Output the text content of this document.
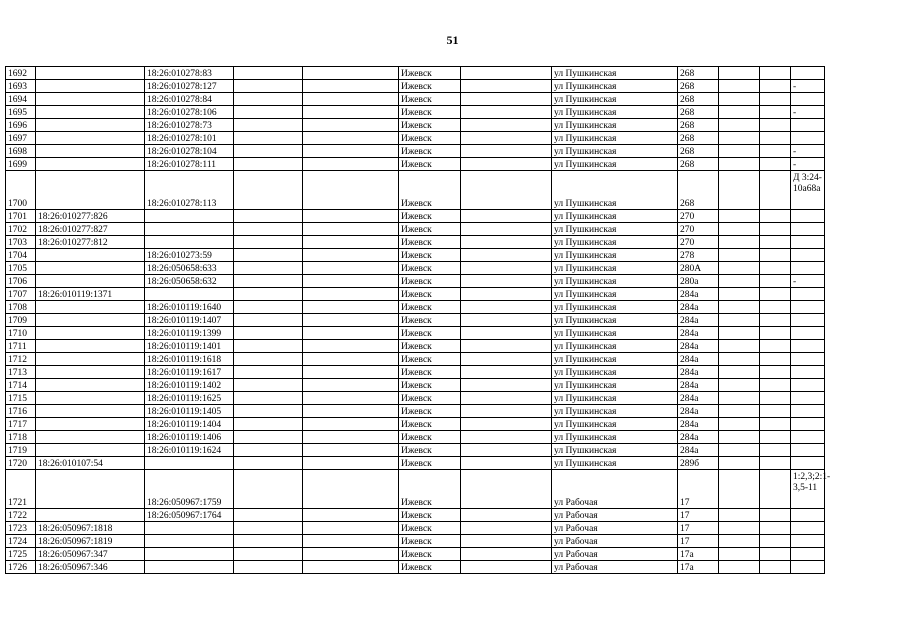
51
1692		18:26:010278:83			Ижевск		ул Пушкинская	268			
1693		18:26:010278:127			Ижевск		ул Пушкинская	268			-
1694		18:26:010278:84			Ижевск		ул Пушкинская	268			
1695		18:26:010278:106			Ижевск		ул Пушкинская	268			-
1696		18:26:010278:73			Ижевск		ул Пушкинская	268			
1697		18:26:010278:101			Ижевск		ул Пушкинская	268			
1698		18:26:010278:104			Ижевск		ул Пушкинская	268			-
1699		18:26:010278:111			Ижевск		ул Пушкинская	268			-
1700		18:26:010278:113			Ижевск		ул Пушкинская	268			Д 3:24-10а68а
1701	18:26:010277:826				Ижевск		ул Пушкинская	270			
1702	18:26:010277:827				Ижевск		ул Пушкинская	270			
1703	18:26:010277:812				Ижевск		ул Пушкинская	270			
1704		18:26:010273:59			Ижевск		ул Пушкинская	278			
1705		18:26:050658:633			Ижевск		ул Пушкинская	280А			
1706		18:26:050658:632			Ижевск		ул Пушкинская	280а			-
1707	18:26:010119:1371				Ижевск		ул Пушкинская	284а			
1708		18:26:010119:1640			Ижевск		ул Пушкинская	284а			
1709		18:26:010119:1407			Ижевск		ул Пушкинская	284а			
1710		18:26:010119:1399			Ижевск		ул Пушкинская	284а			
1711		18:26:010119:1401			Ижевск		ул Пушкинская	284а			
1712		18:26:010119:1618			Ижевск		ул Пушкинская	284а			
1713		18:26:010119:1617			Ижевск		ул Пушкинская	284а			
1714		18:26:010119:1402			Ижевск		ул Пушкинская	284а			
1715		18:26:010119:1625			Ижевск		ул Пушкинская	284а			
1716		18:26:010119:1405			Ижевск		ул Пушкинская	284а			
1717		18:26:010119:1404			Ижевск		ул Пушкинская	284а			
1718		18:26:010119:1406			Ижевск		ул Пушкинская	284а			
1719		18:26:010119:1624			Ижевск		ул Пушкинская	284а			
1720	18:26:010107:54				Ижевск		ул Пушкинская	289б			
1721		18:26:050967:1759			Ижевск		ул Рабочая	17			1:2,3;2:1-3,5-11
1722		18:26:050967:1764			Ижевск		ул Рабочая	17			
1723	18:26:050967:1818				Ижевск		ул Рабочая	17			
1724	18:26:050967:1819				Ижевск		ул Рабочая	17			
1725	18:26:050967:347				Ижевск		ул Рабочая	17а			
1726	18:26:050967:346				Ижевск		ул Рабочая	17а			
